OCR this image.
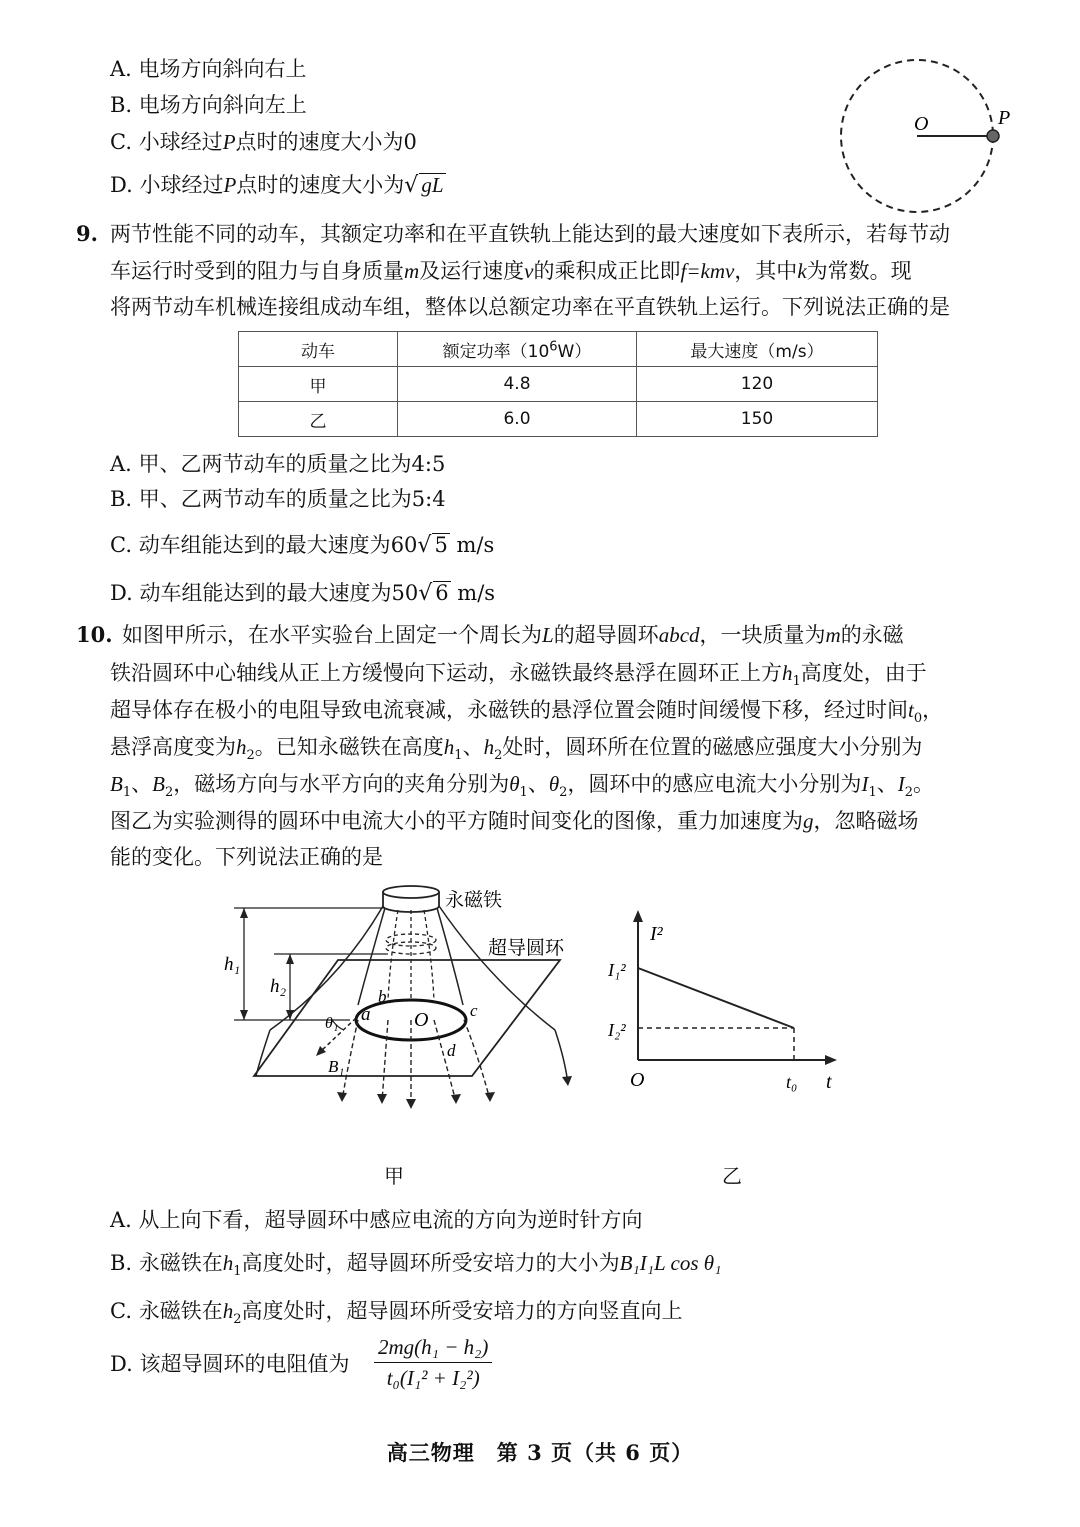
A. 电场方向斜向右上
B. 电场方向斜向左上
C. 小球经过P点时的速度大小为0
D. 小球经过P点时的速度大小为√ gL
O	P
9. 两节性能不同的动车，其额定功率和在平直铁轨上能达到的最大速度如下表所示，若每节动
车运行时受到的阻力与自身质量m及运行速度v的乘积成正比即f=kmv，其中k为常数。现
将两节动车机械连接组成动车组，整体以总额定功率在平直铁轨上运行。下列说法正确的是
动车	额定功率$(10^6W)$	最大速度（m/s）
甲	4.8	120
乙	6.0	150
A. 甲、乙两节动车的质量之比为4:5
B. 甲、乙两节动车的质量之比为5:4
C. 动车组能达到的最大速度为60√ 5 m/s
D. 动车组能达到的最大速度为50√ 6 m/s
10. 如图甲所示，在水平实验台上固定一个周长为L的超导圆环abcd，一块质量为m的永磁
铁沿圆环中心轴线从正上方缓慢向下运动，永磁铁最终悬浮在圆环正上方$h_1$高度处，由于
超导体存在极小的电阻导致电流衰减，永磁铁的悬浮位置会随时间缓慢下移，经过时间$t_0$，
悬浮高度变为$h_2$。已知永磁铁在高度$h_1$、$h_2$处时，圆环所在位置的磁感应强度大小分别为
$B_1$、$B_2$，磁场方向与水平方向的夹角分别为$\theta_1$、$\theta_2$，圆环中的感应电流大小分别为$I_1$、$I_2$。
图乙为实验测得的圆环中电流大小的平方随时间变化的图像，重力加速度为g，忽略磁场
能的变化。下列说法正确的是
h₁
h₂
永磁铁
超导圆环
θ₁
B₁
a
b
c
d
O
甲
I²
I₁²
I₂²
O	t₀ t
乙
A. 从上向下看，超导圆环中感应电流的方向为逆时针方向
B. 永磁铁在$h_1$高度处时，超导圆环所受安培力的大小为B₁I₁L cos θ₁
C. 永磁铁在$h_2$高度处时，超导圆环所受安培力的方向竖直向上
D. 该超导圆环的电阻值为 $\frac{\text{2mg(h₁ − h₂)}}{\text{t₀(I₁² + I₂²)}}$
高三物理　第 3 页（共 6 页）
